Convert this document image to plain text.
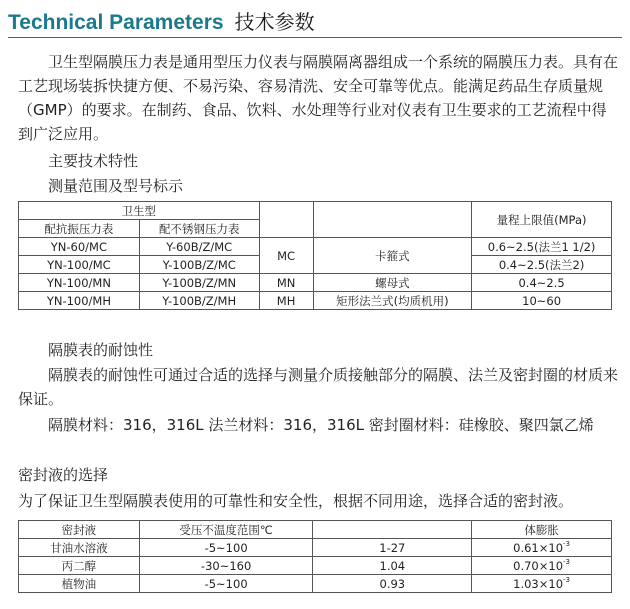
Technical Parameters 技术参数
卫生型隔膜压力表是通用型压力仪表与隔膜隔离器组成一个系统的隔膜压力表。具有在工艺现场装拆快捷方便、不易污染、容易清洗、安全可靠等优点。能满足药品生存质量规（GMP）的要求。在制药、食品、饮料、水处理等行业对仪表有卫生要求的工艺流程中得到广泛应用。
主要技术特性
测量范围及型号标示
卫生型				量程上限值(MPa)
配抗振压力表	配不锈钢压力表			
YN-60/MC	Y-60B/Z/MC	MC	卡箍式	0.6~2.5(法兰1 1/2)
YN-100/MC	Y-100B/Z/MC			0.4~2.5(法兰2)
YN-100/MN	Y-100B/Z/MN	MN	螺母式	0.4~2.5
YN-100/MH	Y-100B/Z/MH	MH	矩形法兰式(均质机用)	10~60
隔膜表的耐蚀性
隔膜表的耐蚀性可通过合适的选择与测量介质接触部分的隔膜、法兰及密封圈的材质来保证。
隔膜材料：316，316L 法兰材料：316，316L 密封圈材料：硅橡胶、聚四氯乙烯
密封液的选择
为了保证卫生型隔膜表使用的可靠性和安全性，根据不同用途，选择合适的密封液。
密封液	受压不温度范围℃		体膨胀
甘油水溶液	-5~100	1-27	$0.61\times 10^{-3}$
丙二醇	-30~160	1.04	$0.70\times 10^{-3}$
植物油	-5~100	0.93	$1.03\times 10^{-3}$
